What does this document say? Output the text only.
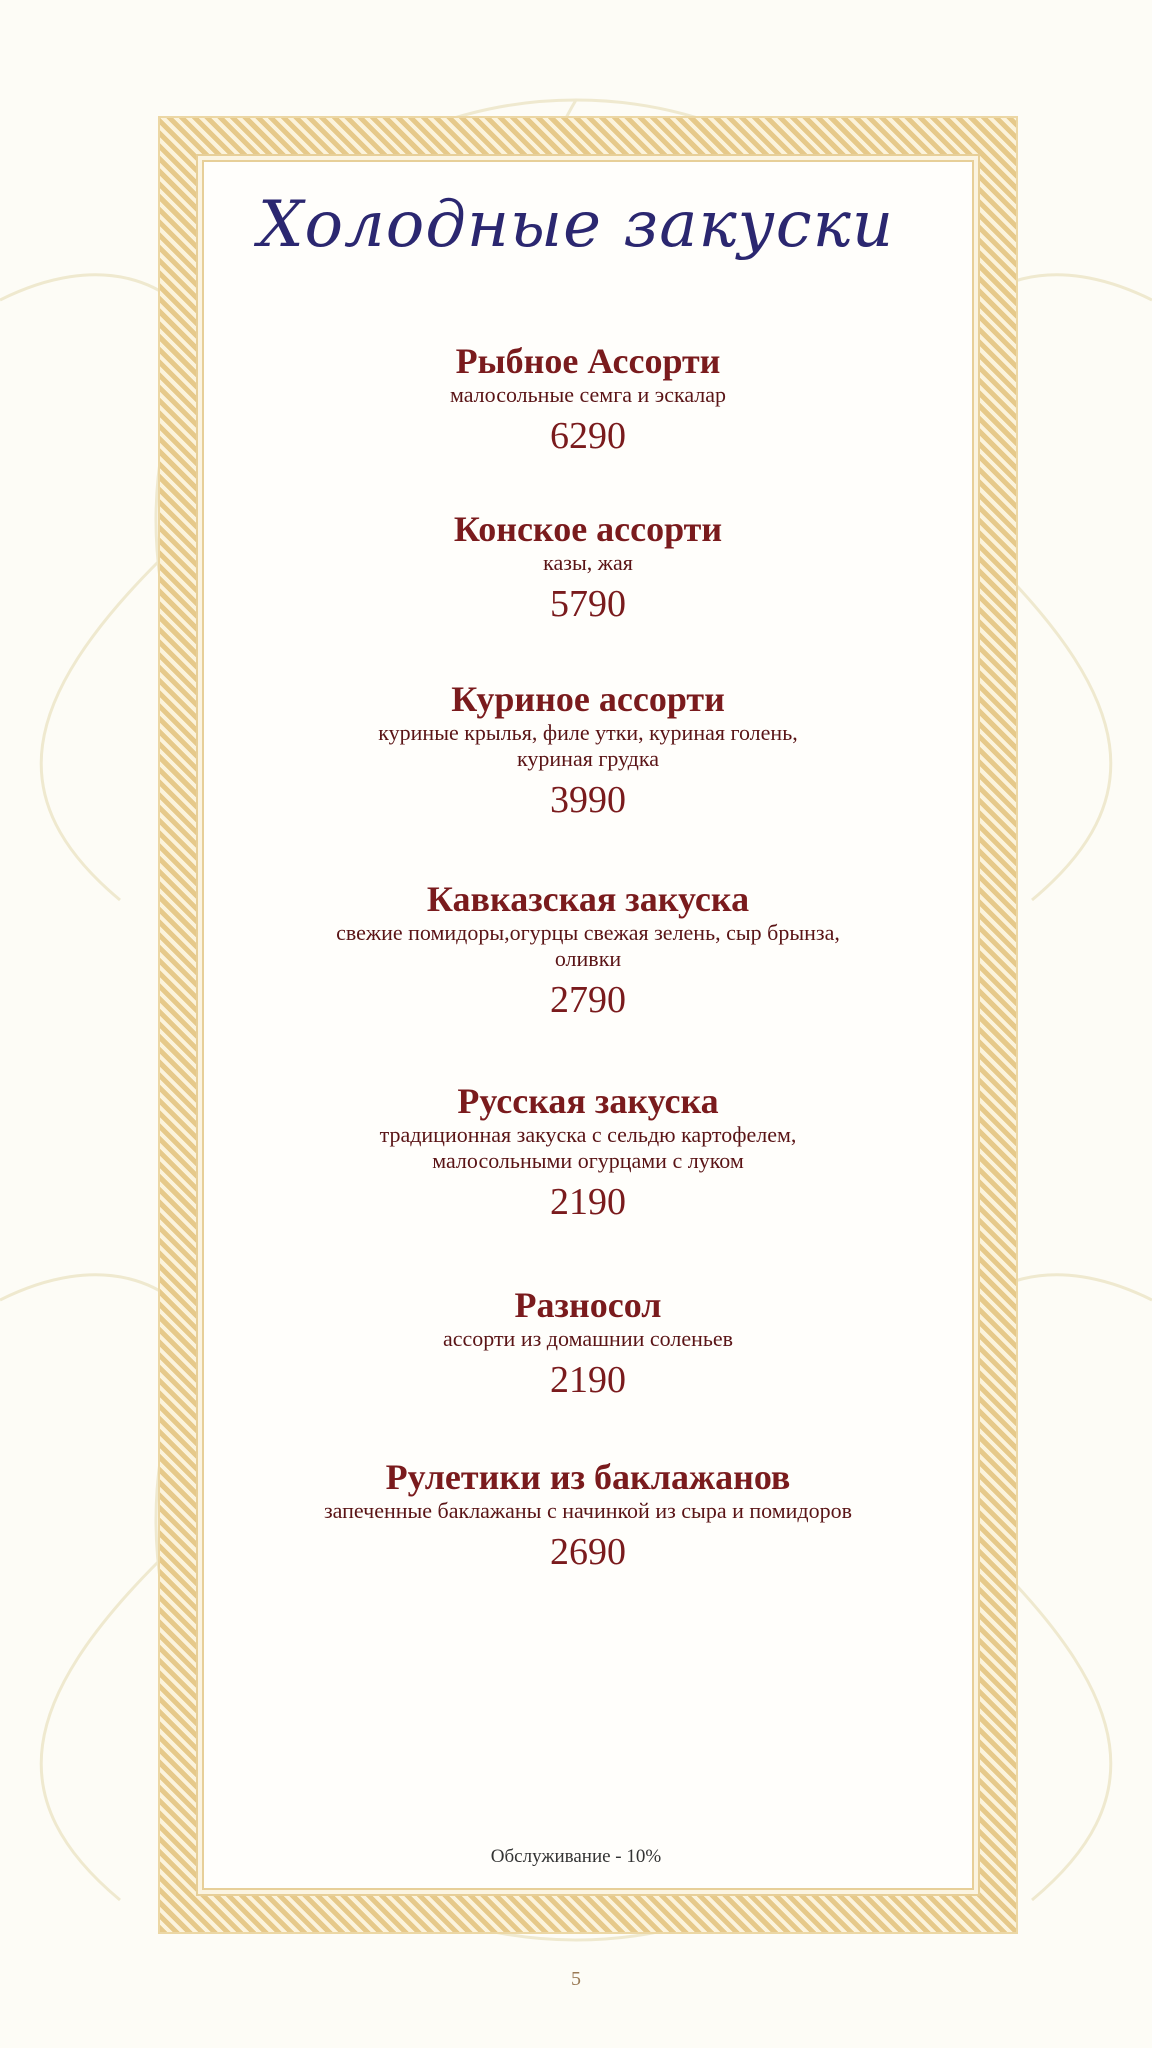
Холодные закуски
Рыбное Ассорти
малосольные семга и эскалар
6290
Конское ассорти
казы, жая
5790
Куриное ассорти
куриные крылья, филе утки, куриная голень,
куриная грудка
3990
Кавказская закуска
свежие помидоры,огурцы свежая зелень, сыр брынза,
оливки
2790
Русская закуска
традиционная закуска с сельдю картофелем,
малосольными огурцами с луком
2190
Разносол
ассорти из домашнии соленьев
2190
Рулетики из баклажанов
запеченные баклажаны с начинкой из сыра и помидоров
2690
Обслуживание - 10%
5
